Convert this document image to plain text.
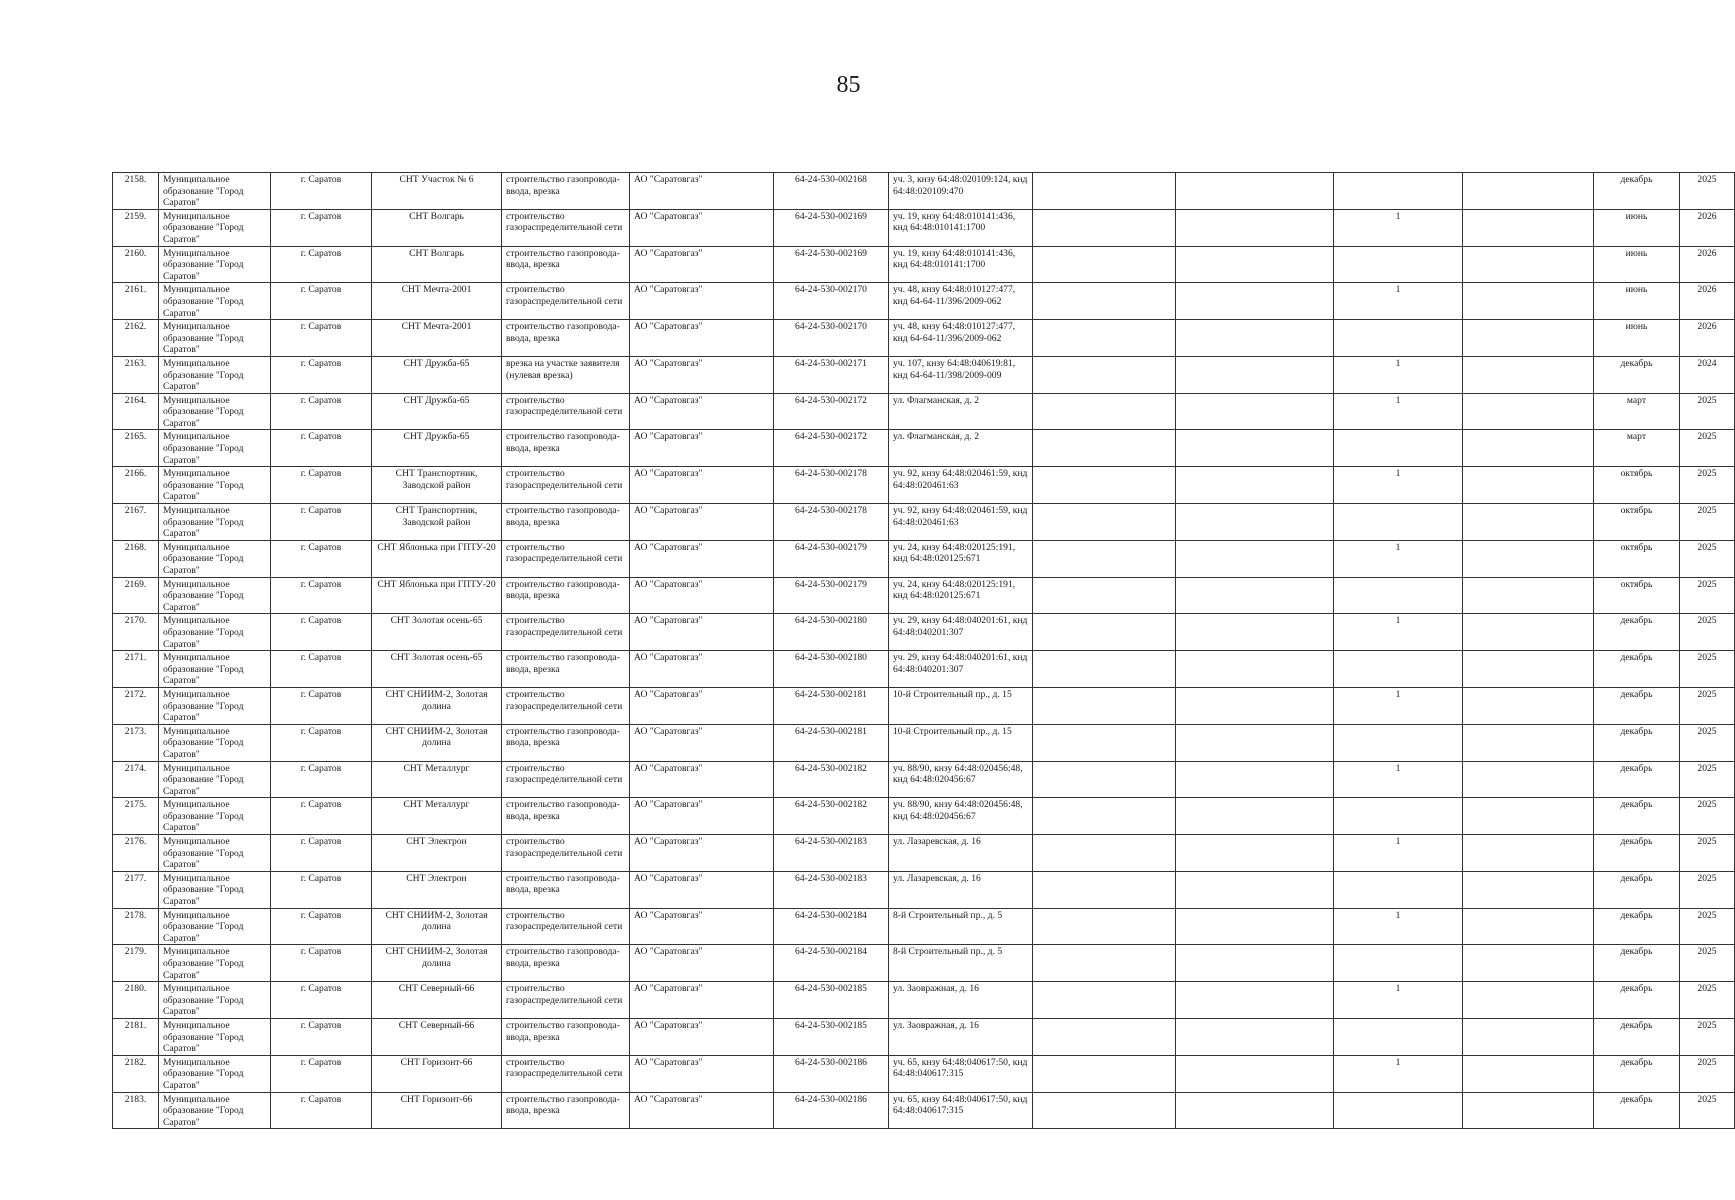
85
2158.	Муниципальное образование "Город Саратов"	г. Саратов	СНТ Участок № 6	строительство газопровода-ввода, врезка	АО "Саратовгаз"	64-24-530-002168	уч. 3, кнзу 64:48:020109:124, кнд 64:48:020109:470					декабрь	2025
2159.	Муниципальное образование "Город Саратов"	г. Саратов	СНТ Волгарь	строительство газораспределительной сети	АО "Саратовгаз"	64-24-530-002169	уч. 19, кнзу 64:48:010141:436, кнд 64:48:010141:1700			1		июнь	2026
2160.	Муниципальное образование "Город Саратов"	г. Саратов	СНТ Волгарь	строительство газопровода-ввода, врезка	АО "Саратовгаз"	64-24-530-002169	уч. 19, кнзу 64:48:010141:436, кнд 64:48:010141:1700					июнь	2026
2161.	Муниципальное образование "Город Саратов"	г. Саратов	СНТ Мечта-2001	строительство газораспределительной сети	АО "Саратовгаз"	64-24-530-002170	уч. 48, кнзу 64:48:010127:477, кнд 64-64-11/396/2009-062			1		июнь	2026
2162.	Муниципальное образование "Город Саратов"	г. Саратов	СНТ Мечта-2001	строительство газопровода-ввода, врезка	АО "Саратовгаз"	64-24-530-002170	уч. 48, кнзу 64:48:010127:477, кнд 64-64-11/396/2009-062					июнь	2026
2163.	Муниципальное образование "Город Саратов"	г. Саратов	СНТ Дружба-65	врезка на участке заявителя (нулевая врезка)	АО "Саратовгаз"	64-24-530-002171	уч. 107, кнзу 64:48:040619:81, кнд 64-64-11/398/2009-009			1		декабрь	2024
2164.	Муниципальное образование "Город Саратов"	г. Саратов	СНТ Дружба-65	строительство газораспределительной сети	АО "Саратовгаз"	64-24-530-002172	ул. Флагманская, д. 2			1		март	2025
2165.	Муниципальное образование "Город Саратов"	г. Саратов	СНТ Дружба-65	строительство газопровода-ввода, врезка	АО "Саратовгаз"	64-24-530-002172	ул. Флагманская, д. 2					март	2025
2166.	Муниципальное образование "Город Саратов"	г. Саратов	СНТ Транспортник, Заводской район	строительство газораспределительной сети	АО "Саратовгаз"	64-24-530-002178	уч. 92, кнзу 64:48:020461:59, кнд 64:48:020461:63			1		октябрь	2025
2167.	Муниципальное образование "Город Саратов"	г. Саратов	СНТ Транспортник, Заводской район	строительство газопровода-ввода, врезка	АО "Саратовгаз"	64-24-530-002178	уч. 92, кнзу 64:48:020461:59, кнд 64:48:020461:63					октябрь	2025
2168.	Муниципальное образование "Город Саратов"	г. Саратов	СНТ Яблонька при ГПТУ-20	строительство газораспределительной сети	АО "Саратовгаз"	64-24-530-002179	уч. 24, кнзу 64:48:020125:191, кнд 64:48:020125:671			1		октябрь	2025
2169.	Муниципальное образование "Город Саратов"	г. Саратов	СНТ Яблонька при ГПТУ-20	строительство газопровода-ввода, врезка	АО "Саратовгаз"	64-24-530-002179	уч. 24, кнзу 64:48:020125:191, кнд 64:48:020125:671					октябрь	2025
2170.	Муниципальное образование "Город Саратов"	г. Саратов	СНТ Золотая осень-65	строительство газораспределительной сети	АО "Саратовгаз"	64-24-530-002180	уч. 29, кнзу 64:48:040201:61, кнд 64:48:040201:307			1		декабрь	2025
2171.	Муниципальное образование "Город Саратов"	г. Саратов	СНТ Золотая осень-65	строительство газопровода-ввода, врезка	АО "Саратовгаз"	64-24-530-002180	уч. 29, кнзу 64:48:040201:61, кнд 64:48:040201:307					декабрь	2025
2172.	Муниципальное образование "Город Саратов"	г. Саратов	СНТ СНИИМ-2, Золотая долина	строительство газораспределительной сети	АО "Саратовгаз"	64-24-530-002181	10-й Строительный пр., д. 15			1		декабрь	2025
2173.	Муниципальное образование "Город Саратов"	г. Саратов	СНТ СНИИМ-2, Золотая долина	строительство газопровода-ввода, врезка	АО "Саратовгаз"	64-24-530-002181	10-й Строительный пр., д. 15					декабрь	2025
2174.	Муниципальное образование "Город Саратов"	г. Саратов	СНТ Металлург	строительство газораспределительной сети	АО "Саратовгаз"	64-24-530-002182	уч. 88/90, кнзу 64:48:020456:48, кнд 64:48:020456:67			1		декабрь	2025
2175.	Муниципальное образование "Город Саратов"	г. Саратов	СНТ Металлург	строительство газопровода-ввода, врезка	АО "Саратовгаз"	64-24-530-002182	уч. 88/90, кнзу 64:48:020456:48, кнд 64:48:020456:67					декабрь	2025
2176.	Муниципальное образование "Город Саратов"	г. Саратов	СНТ Электрон	строительство газораспределительной сети	АО "Саратовгаз"	64-24-530-002183	ул. Лазаревская, д. 16			1		декабрь	2025
2177.	Муниципальное образование "Город Саратов"	г. Саратов	СНТ Электрон	строительство газопровода-ввода, врезка	АО "Саратовгаз"	64-24-530-002183	ул. Лазаревская, д. 16					декабрь	2025
2178.	Муниципальное образование "Город Саратов"	г. Саратов	СНТ СНИИМ-2, Золотая долина	строительство газораспределительной сети	АО "Саратовгаз"	64-24-530-002184	8-й Строительный пр., д. 5			1		декабрь	2025
2179.	Муниципальное образование "Город Саратов"	г. Саратов	СНТ СНИИМ-2, Золотая долина	строительство газопровода-ввода, врезка	АО "Саратовгаз"	64-24-530-002184	8-й Строительный пр., д. 5					декабрь	2025
2180.	Муниципальное образование "Город Саратов"	г. Саратов	СНТ Северный-66	строительство газораспределительной сети	АО "Саратовгаз"	64-24-530-002185	ул. Заовражная, д. 16			1		декабрь	2025
2181.	Муниципальное образование "Город Саратов"	г. Саратов	СНТ Северный-66	строительство газопровода-ввода, врезка	АО "Саратовгаз"	64-24-530-002185	ул. Заовражная, д. 16					декабрь	2025
2182.	Муниципальное образование "Город Саратов"	г. Саратов	СНТ Горизонт-66	строительство газораспределительной сети	АО "Саратовгаз"	64-24-530-002186	уч. 65, кнзу 64:48:040617:50, кнд 64:48:040617:315			1		декабрь	2025
2183.	Муниципальное образование "Город Саратов"	г. Саратов	СНТ Горизонт-66	строительство газопровода-ввода, врезка	АО "Саратовгаз"	64-24-530-002186	уч. 65, кнзу 64:48:040617:50, кнд 64:48:040617:315					декабрь	2025
